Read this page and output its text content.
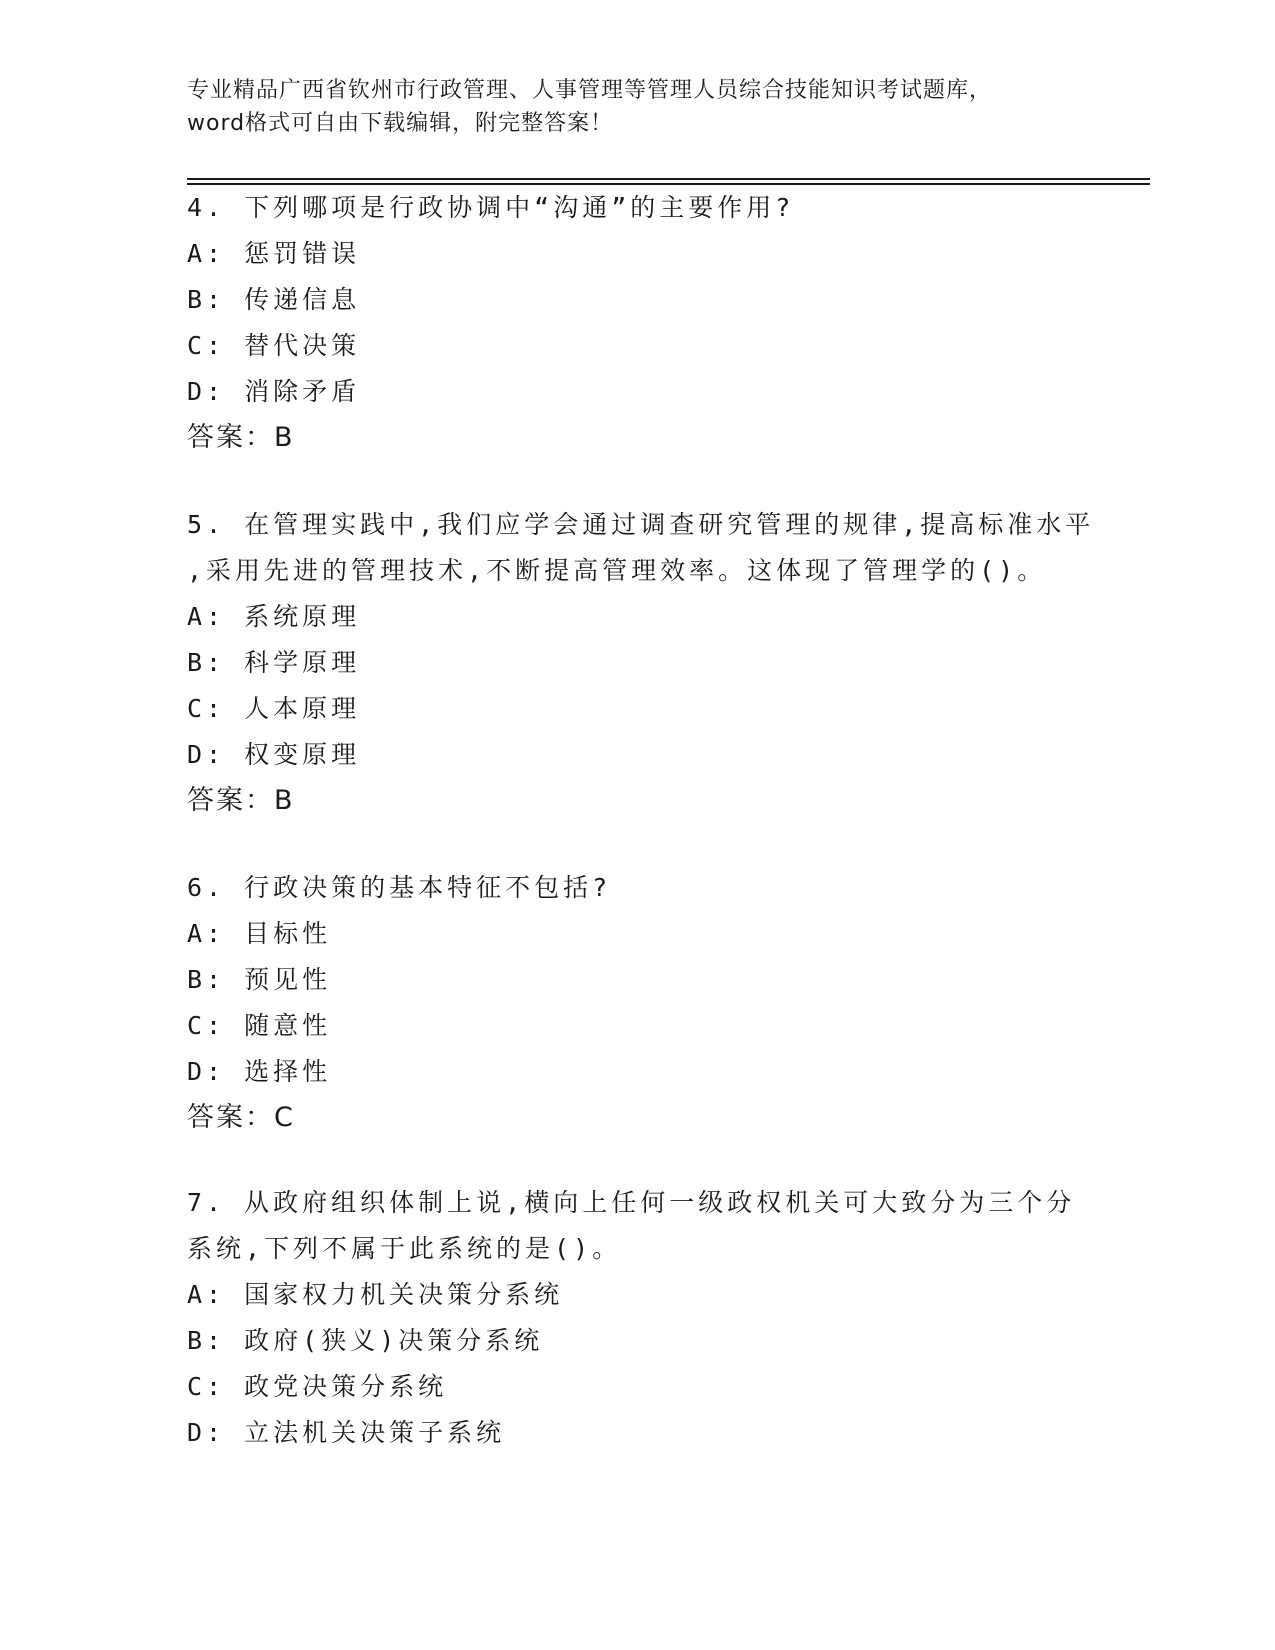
专业精品广西省钦州市行政管理、人事管理等管理人员综合技能知识考试题库，
word格式可自由下载编辑，附完整答案！
4. 下列哪项是行政协调中“沟通”的主要作用?
A: 惩罚错误
B: 传递信息
C: 替代决策
D: 消除矛盾
答案：B
5. 在管理实践中,我们应学会通过调查研究管理的规律,提高标准水平
,采用先进的管理技术,不断提高管理效率。这体现了管理学的()。
A: 系统原理
B: 科学原理
C: 人本原理
D: 权变原理
答案：B
6. 行政决策的基本特征不包括?
A: 目标性
B: 预见性
C: 随意性
D: 选择性
答案：C
7. 从政府组织体制上说,横向上任何一级政权机关可大致分为三个分
系统,下列不属于此系统的是()。
A: 国家权力机关决策分系统
B: 政府(狭义)决策分系统
C: 政党决策分系统
D: 立法机关决策子系统
